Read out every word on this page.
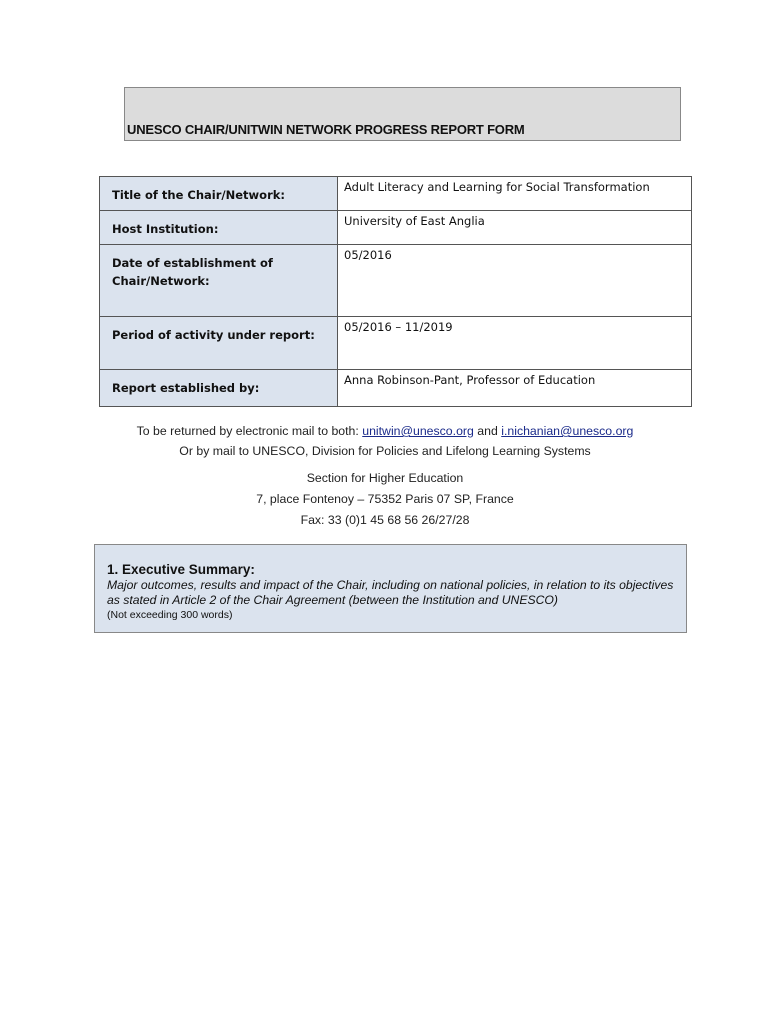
UNESCO CHAIR/UNITWIN NETWORK PROGRESS REPORT FORM
Title of the Chair/Network:	Adult Literacy and Learning for Social Transformation

Host Institution:	University of East Anglia

Date of establishment of Chair/Network:	05/2016

Period of activity under report:	05/2016 – 11/2019

Report established by:	Anna Robinson-Pant, Professor of Education
To be returned by electronic mail to both: unitwin@unesco.org and i.nichanian@unesco.org
Or by mail to UNESCO, Division for Policies and Lifelong Learning Systems
Section for Higher Education
7, place Fontenoy – 75352 Paris 07 SP, France
Fax: 33 (0)1 45 68 56 26/27/28
1. Executive Summary:
Major outcomes, results and impact of the Chair, including on national policies, in relation to its objectives as stated in Article 2 of the Chair Agreement (between the Institution and UNESCO)
(Not exceeding 300 words)
